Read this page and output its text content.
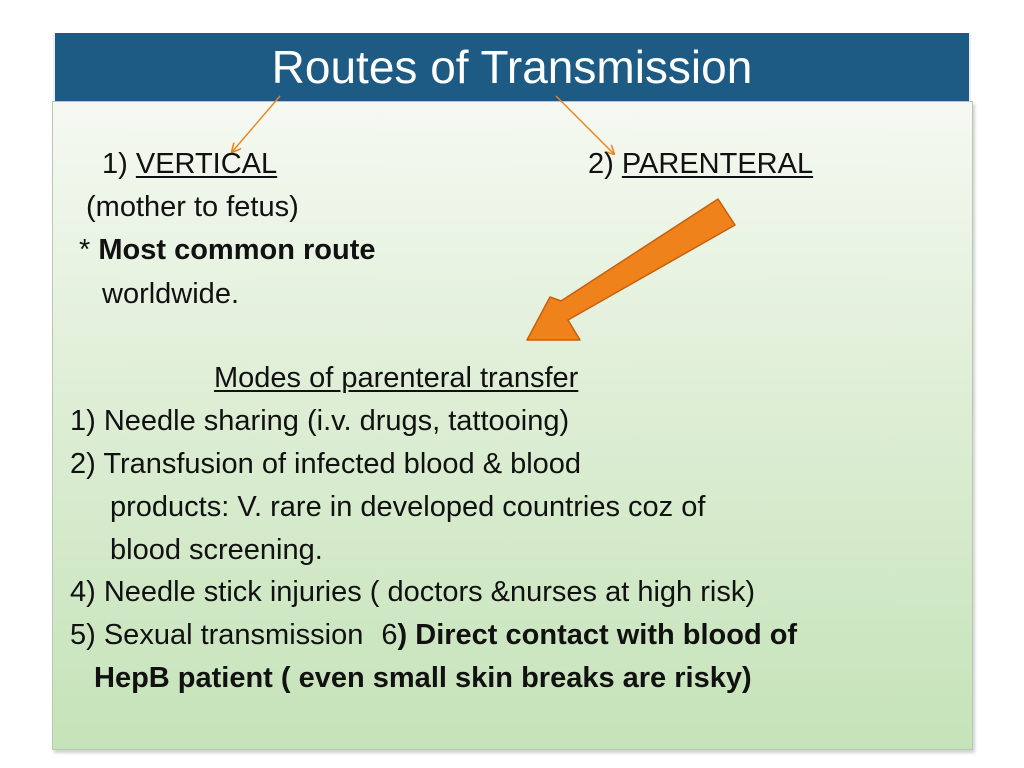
Routes of Transmission
1) VERTICAL
(mother to fetus)
* Most common route
worldwide.
2) PARENTERAL
Modes of parenteral transfer
1) Needle sharing (i.v. drugs, tattooing)
2) Transfusion of infected blood & blood
products: V. rare in developed countries coz of
blood screening.
4) Needle stick injuries ( doctors &nurses at high risk)
5) Sexual transmission 6) Direct contact with blood of
HepB patient ( even small skin breaks are risky)
